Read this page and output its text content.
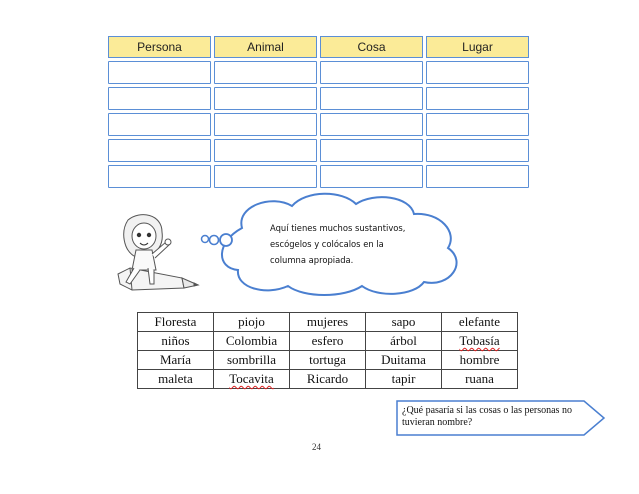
Persona	Animal	Cosa	Lugar
Aquí tienes muchos sustantivos,
escógelos y colócalos en la
columna apropiada.
Floresta	piojo	mujeres	sapo	elefante
niños	Colombia	esfero	árbol	Tobasía
María	sombrilla	tortuga	Duitama	hombre
maleta	Tocavita	Ricardo	tapir	ruana
¿Qué pasaría si las cosas o las personas no
tuvieran nombre?
24
